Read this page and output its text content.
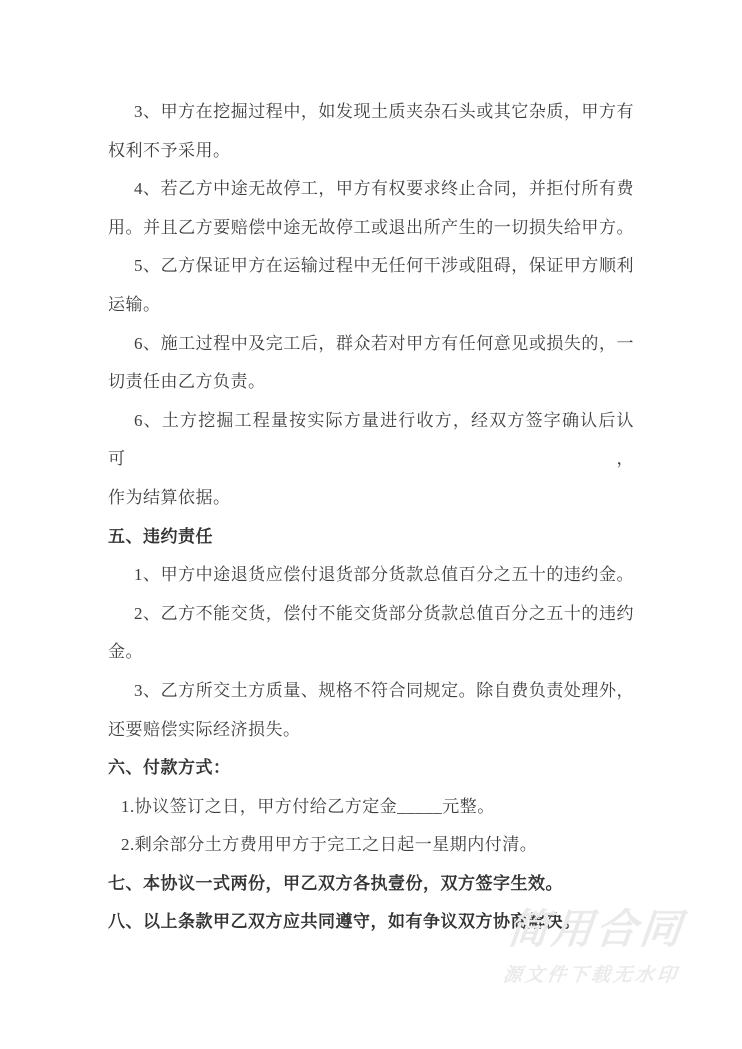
3、甲方在挖掘过程中，如发现土质夹杂石头或其它杂质，甲方有
权利不予采用。
4、若乙方中途无故停工，甲方有权要求终止合同，并拒付所有费
用。并且乙方要赔偿中途无故停工或退出所产生的一切损失给甲方。
5、乙方保证甲方在运输过程中无任何干涉或阻碍，保证甲方顺利
运输。
6、施工过程中及完工后，群众若对甲方有任何意见或损失的，一
切责任由乙方负责。
6、土方挖掘工程量按实际方量进行收方，经双方签字确认后认可，
作为结算依据。
五、违约责任
1、甲方中途退货应偿付退货部分货款总值百分之五十的违约金。
2、乙方不能交货，偿付不能交货部分货款总值百分之五十的违约
金。
3、乙方所交土方质量、规格不符合同规定。除自费负责处理外，
还要赔偿实际经济损失。
六、付款方式：
1.协议签订之日，甲方付给乙方定金_____元整。
2.剩余部分土方费用甲方于完工之日起一星期内付清。
七、本协议一式两份，甲乙双方各执壹份，双方签字生效。
八、以上条款甲乙双方应共同遵守，如有争议双方协商解决。
简用合同
源文件下载无水印
